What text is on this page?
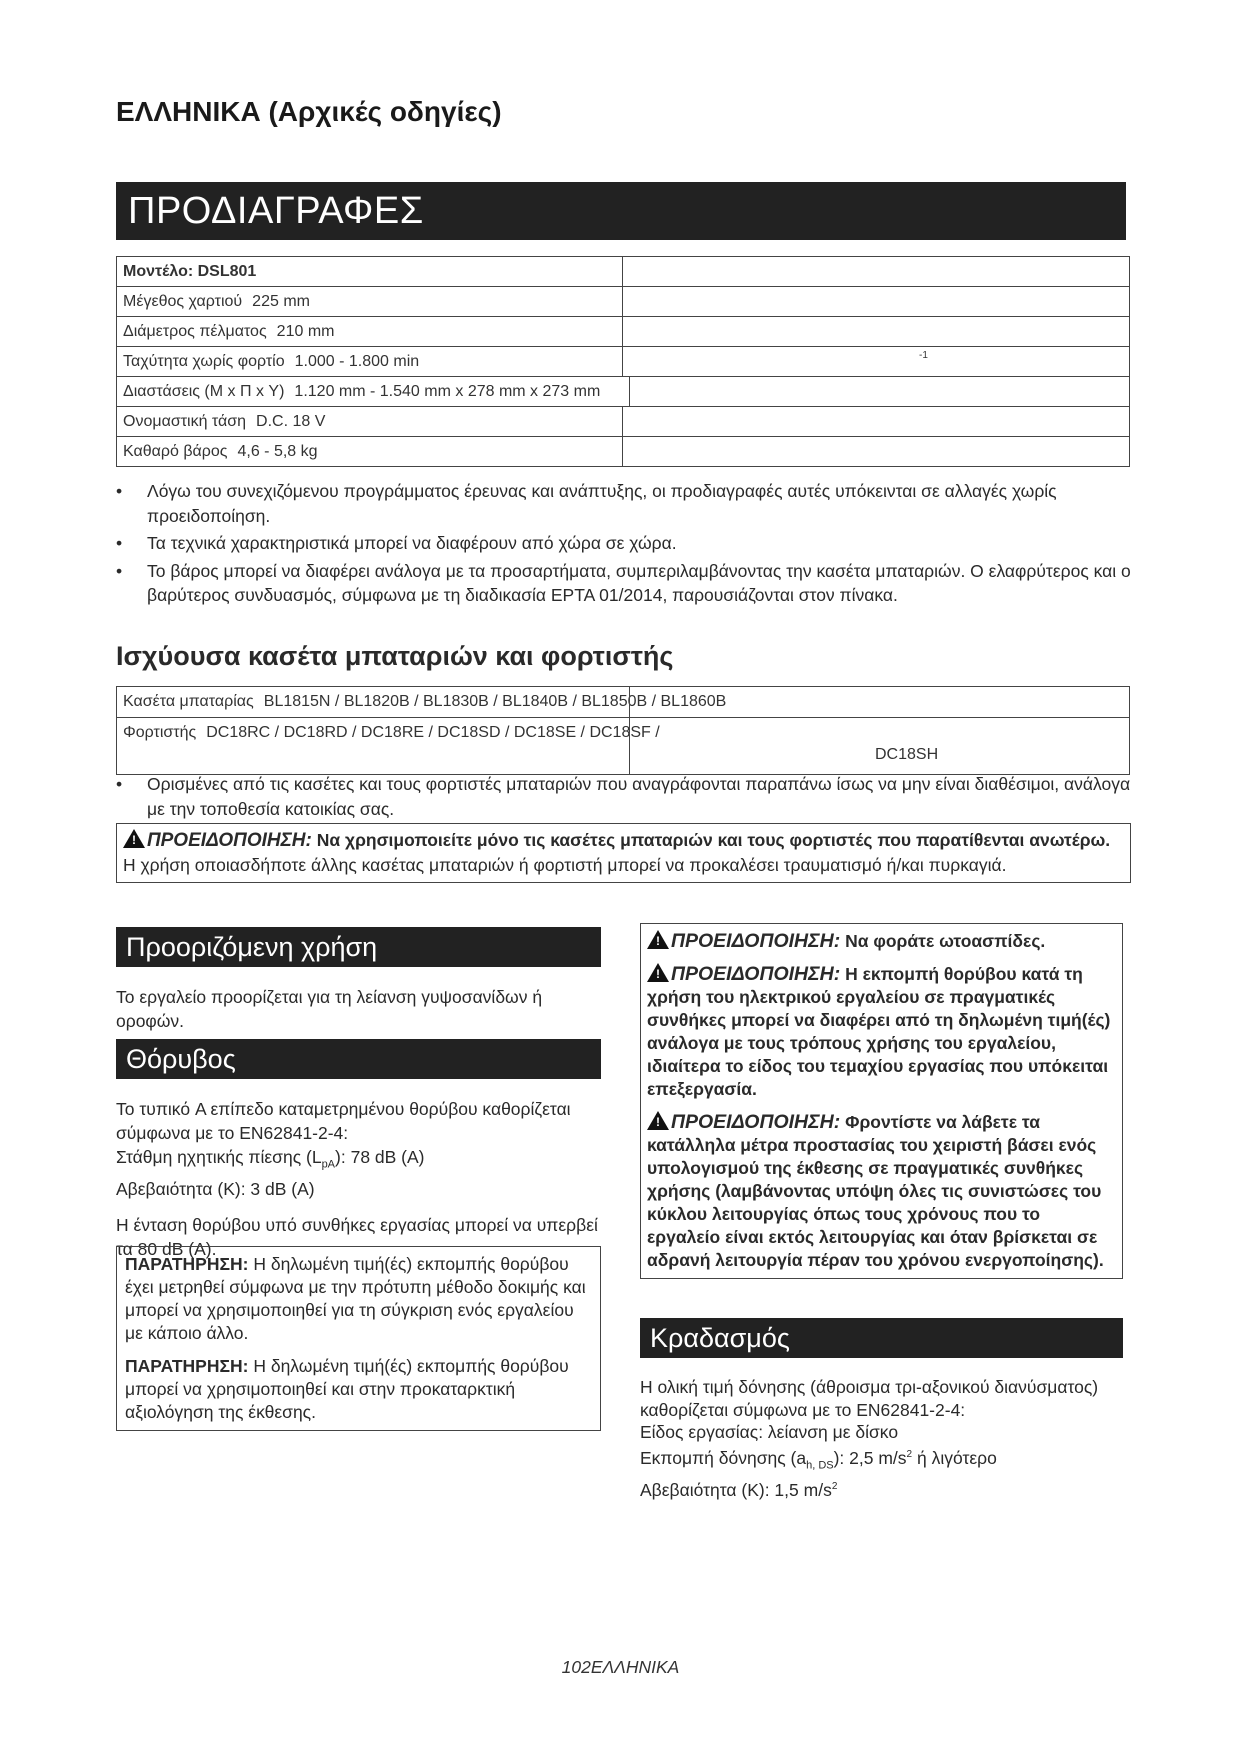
ΕΛΛΗΝΙΚΑ (Αρχικές οδηγίες)
ΠΡΟΔΙΑΓΡΑΦΕΣ
Μοντέλο: DSL801	
Μέγεθος χαρτιού 225 mm	
Διάμετρος πέλματος 210 mm	
Ταχύτητα χωρίς φορτίο 1.000 - 1.800 min	$^{-1}$
Διαστάσεις (Μ x Π x Υ) 1.120 mm - 1.540 mm x 278 mm x 273 mm	

Ονομαστική τάση D.C. 18 V	
Καθαρό βάρος 4,6 - 5,8 kg	
• Λόγω του συνεχιζόμενου προγράμματος έρευνας και ανάπτυξης, οι προδιαγραφές αυτές υπόκεινται σε αλλαγές χωρίς προειδοποίηση.
• Τα τεχνικά χαρακτηριστικά μπορεί να διαφέρουν από χώρα σε χώρα.
• Το βάρος μπορεί να διαφέρει ανάλογα με τα προσαρτήματα, συμπεριλαμβάνοντας την κασέτα μπαταριών. Ο ελαφρύτερος και ο βαρύτερος συνδυασμός, σύμφωνα με τη διαδικασία EPTA 01/2014, παρουσιάζονται στον πίνακα.
Ισχύουσα κασέτα μπαταριών και φορτιστής
Κασέτα μπαταρίας BL1815N / BL1820B / BL1830B / BL1840B / BL1850B / BL1860B

Φορτιστής DC18RC / DC18RD / DC18RE / DC18SD / DC18SE / DC18SF /
DC18SH
• Ορισμένες από τις κασέτες και τους φορτιστές μπαταριών που αναγράφονται παραπάνω ίσως να μην είναι διαθέσιμοι, ανάλογα με την τοποθεσία κατοικίας σας.
!ΠΡΟΕΙΔΟΠΟΙΗΣΗ: Να χρησιμοποιείτε μόνο τις κασέτες μπαταριών και τους φορτιστές που παρατίθενται ανωτέρω. Η χρήση οποιασδήποτε άλλης κασέτας μπαταριών ή φορτιστή μπορεί να προκαλέσει τραυματισμό ή/και πυρκαγιά.
Προοριζόμενη χρήση
Το εργαλείο προορίζεται για τη λείανση γυψοσανίδων ή οροφών.
Θόρυβος

Το τυπικό A επίπεδο καταμετρημένου θορύβου καθορίζεται σύμφωνα με το EN62841-2-4:

Στάθμη ηχητικής πίεσης $(L_{pA})$: 78 dB (A)

Αβεβαιότητα (K): 3 dB (A)

Η ένταση θορύβου υπό συνθήκες εργασίας μπορεί να υπερβεί τα 80 dB (A).

ΠΑΡΑΤΗΡΗΣΗ: Η δηλωμένη τιμή(ές) εκπομπής θορύβου έχει μετρηθεί σύμφωνα με την πρότυπη μέθοδο δοκιμής και μπορεί να χρησιμοποιηθεί για τη σύγκριση ενός εργαλείου με κάποιο άλλο.

ΠΑΡΑΤΗΡΗΣΗ: Η δηλωμένη τιμή(ές) εκπομπής θορύβου μπορεί να χρησιμοποιηθεί και στην προκαταρκτική αξιολόγηση της έκθεσης.

!ΠΡΟΕΙΔΟΠΟΙΗΣΗ: Να φοράτε ωτοασπίδες.

!ΠΡΟΕΙΔΟΠΟΙΗΣΗ: Η εκπομπή θορύβου κατά τη χρήση του ηλεκτρικού εργαλείου σε πραγματικές συνθήκες μπορεί να διαφέρει από τη δηλωμένη τιμή(ές) ανάλογα με τους τρόπους χρήσης του εργαλείου, ιδιαίτερα το είδος του τεμαχίου εργασίας που υπόκειται επεξεργασία.

!ΠΡΟΕΙΔΟΠΟΙΗΣΗ: Φροντίστε να λάβετε τα κατάλληλα μέτρα προστασίας του χειριστή βάσει ενός υπολογισμού της έκθεσης σε πραγματικές συνθήκες χρήσης (λαμβάνοντας υπόψη όλες τις συνιστώσες του κύκλου λειτουργίας όπως τους χρόνους που το εργαλείο είναι εκτός λειτουργίας και όταν βρίσκεται σε αδρανή λειτουργία πέραν του χρόνου ενεργοποίησης).

Κραδασμός

Η ολική τιμή δόνησης (άθροισμα τρι-αξονικού διανύσματος) καθορίζεται σύμφωνα με το EN62841-2-4:

Είδος εργασίας: λείανση με δίσκο

Εκπομπή δόνησης $(a_{h, DS})$: 2,5 $m/s^2$ ή λιγότερο

Αβεβαιότητα (K): 1,5 $m/s^2$

102ΕΛΛΗΝΙΚΑ
